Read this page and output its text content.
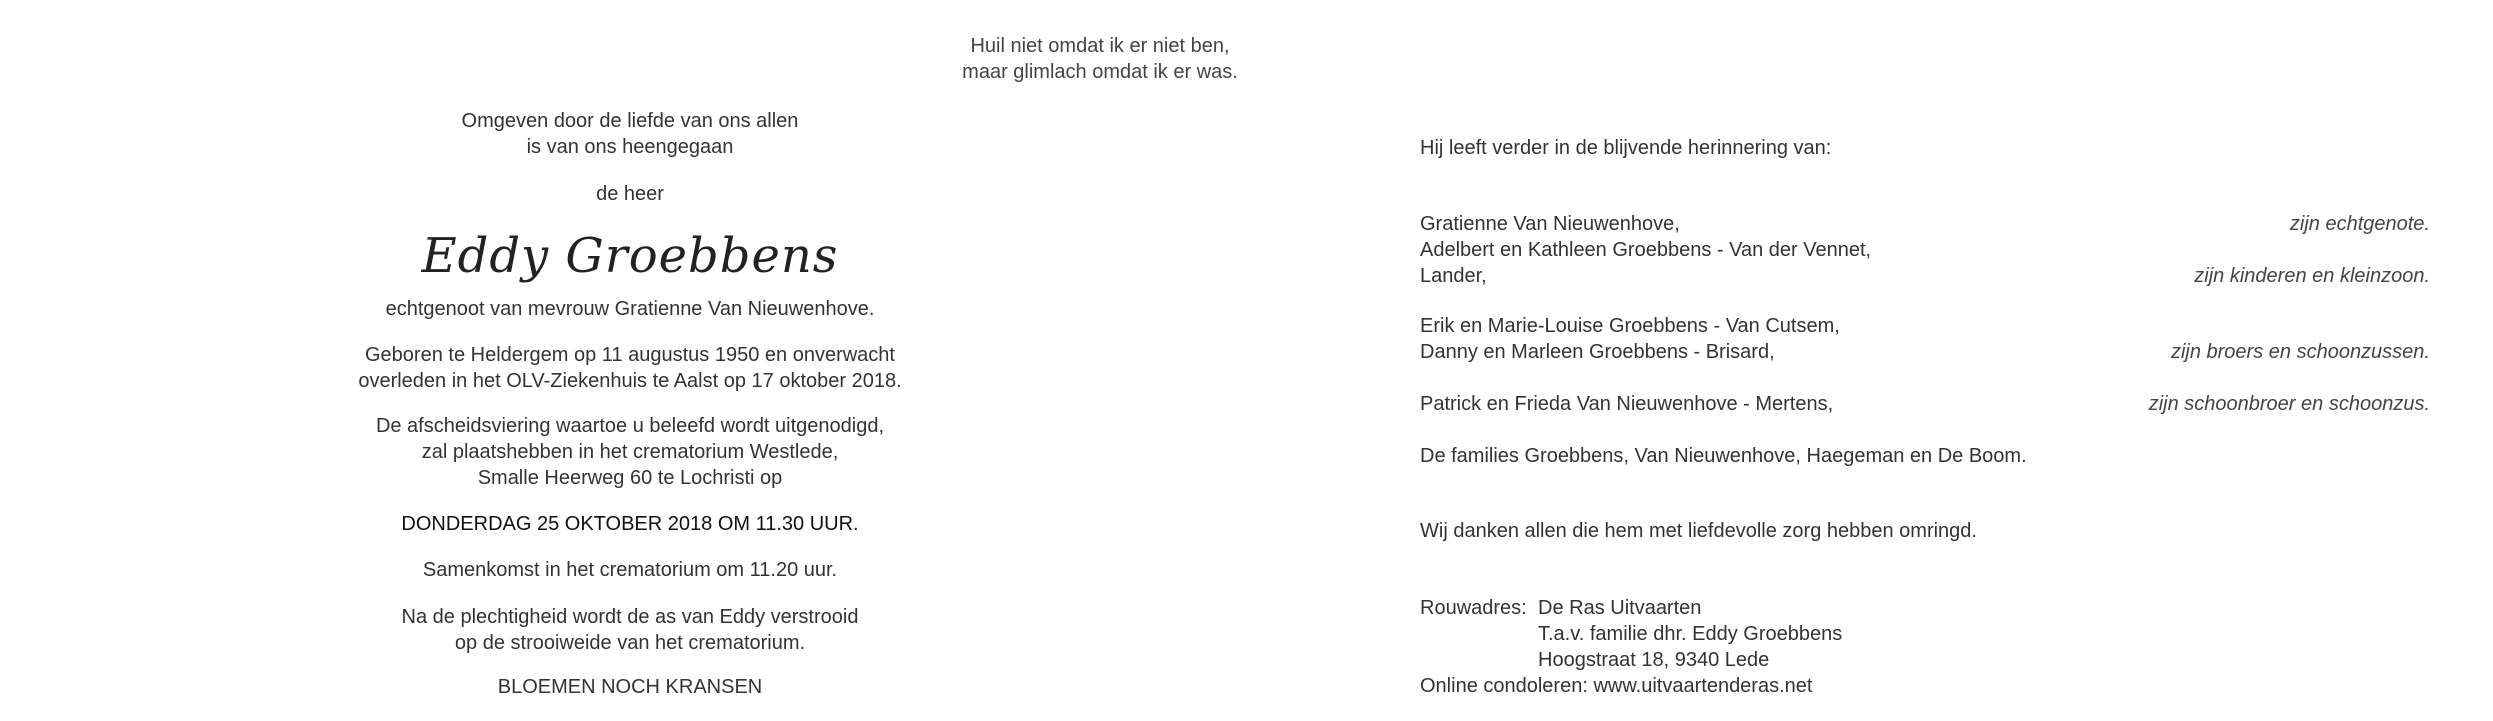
Huil niet omdat ik er niet ben,
maar glimlach omdat ik er was.
Omgeven door de liefde van ons allen
is van ons heengegaan
de heer
Eddy Groebbens
echtgenoot van mevrouw Gratienne Van Nieuwenhove.
Geboren te Heldergem op 11 augustus 1950 en onverwacht
overleden in het OLV-Ziekenhuis te Aalst op 17 oktober 2018.
De afscheidsviering waartoe u beleefd wordt uitgenodigd,
zal plaatshebben in het crematorium Westlede,
Smalle Heerweg 60 te Lochristi op
DONDERDAG 25 OKTOBER 2018 OM 11.30 UUR.
Samenkomst in het crematorium om 11.20 uur.
Na de plechtigheid wordt de as van Eddy verstrooid
op de strooiweide van het crematorium.
BLOEMEN NOCH KRANSEN
Hij leeft verder in de blijvende herinnering van:
Gratienne Van Nieuwenhove,	zijn echtgenote.
Adelbert en Kathleen Groebbens - Van der Vennet,
Lander,	zijn kinderen en kleinzoon.
Erik en Marie-Louise Groebbens - Van Cutsem,
Danny en Marleen Groebbens - Brisard,	zijn broers en schoonzussen.
Patrick en Frieda Van Nieuwenhove - Mertens,	zijn schoonbroer en schoonzus.
De families Groebbens, Van Nieuwenhove, Haegeman en De Boom.
Wij danken allen die hem met liefdevolle zorg hebben omringd.
Rouwadres: De Ras Uitvaarten
T.a.v. familie dhr. Eddy Groebbens
Hoogstraat 18, 9340 Lede
Online condoleren: www.uitvaartenderas.net
